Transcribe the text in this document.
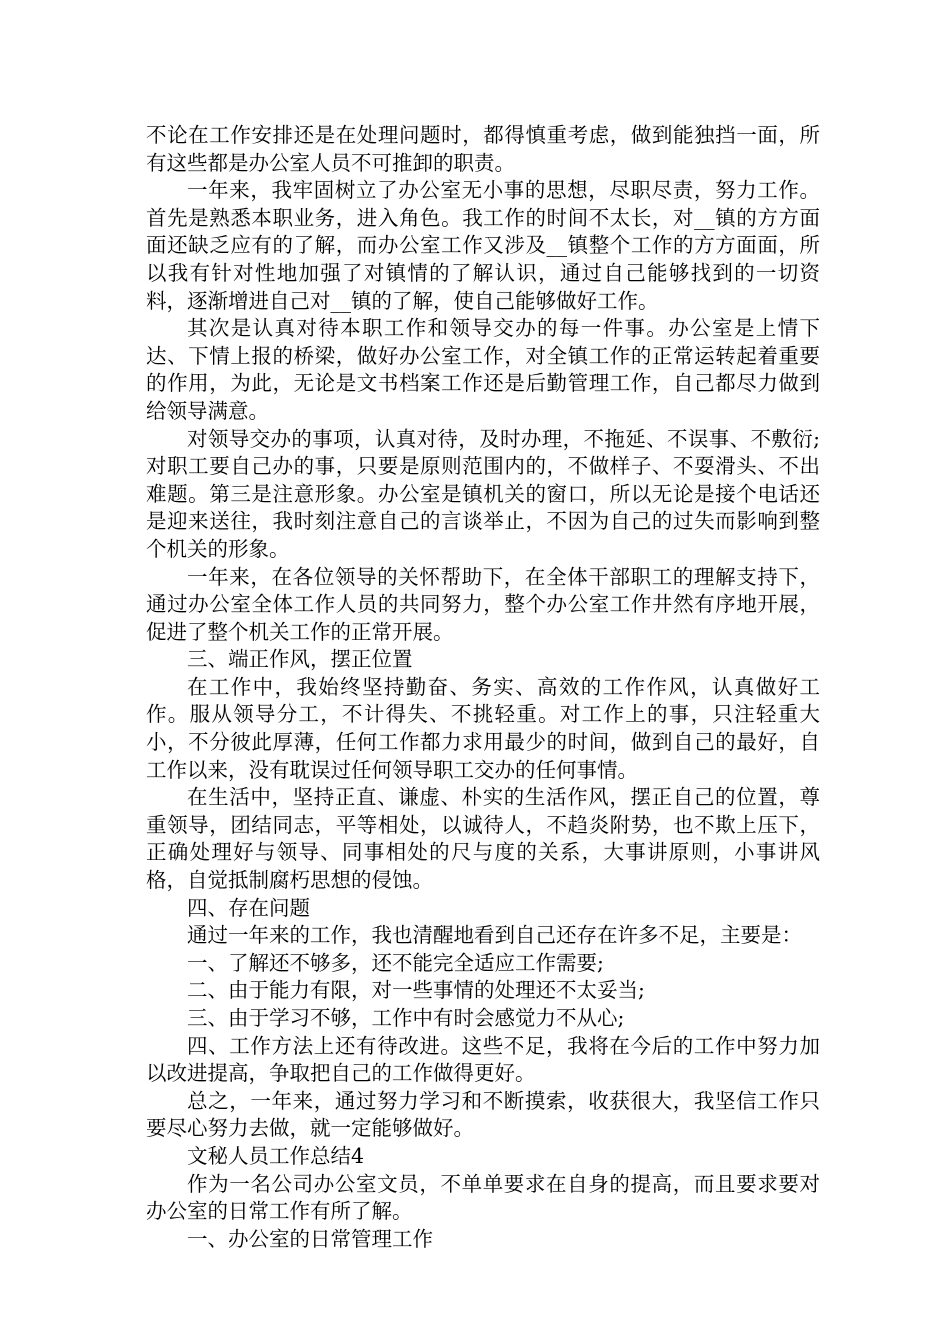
不论在工作安排还是在处理问题时，都得慎重考虑，做到能独挡一面，所有这些都是办公室人员不可推卸的职责。

一年来，我牢固树立了办公室无小事的思想，尽职尽责，努力工作。首先是熟悉本职业务，进入角色。我工作的时间不太长，对__镇的方方面面还缺乏应有的了解，而办公室工作又涉及__镇整个工作的方方面面，所以我有针对性地加强了对镇情的了解认识，通过自己能够找到的一切资料，逐渐增进自己对__镇的了解，使自己能够做好工作。

其次是认真对待本职工作和领导交办的每一件事。办公室是上情下达、下情上报的桥梁，做好办公室工作，对全镇工作的正常运转起着重要的作用，为此，无论是文书档案工作还是后勤管理工作，自己都尽力做到给领导满意。

对领导交办的事项，认真对待，及时办理，不拖延、不误事、不敷衍;对职工要自己办的事，只要是原则范围内的，不做样子、不耍滑头、不出难题。第三是注意形象。办公室是镇机关的窗口，所以无论是接个电话还是迎来送往，我时刻注意自己的言谈举止，不因为自己的过失而影响到整个机关的形象。

一年来，在各位领导的关怀帮助下，在全体干部职工的理解支持下，通过办公室全体工作人员的共同努力，整个办公室工作井然有序地开展，促进了整个机关工作的正常开展。

三、端正作风，摆正位置

在工作中，我始终坚持勤奋、务实、高效的工作作风，认真做好工作。服从领导分工，不计得失、不挑轻重。对工作上的事，只注轻重大小，不分彼此厚薄，任何工作都力求用最少的时间，做到自己的最好，自工作以来，没有耽误过任何领导职工交办的任何事情。

在生活中，坚持正直、谦虚、朴实的生活作风，摆正自己的位置，尊重领导，团结同志，平等相处，以诚待人，不趋炎附势，也不欺上压下，正确处理好与领导、同事相处的尺与度的关系，大事讲原则，小事讲风格，自觉抵制腐朽思想的侵蚀。

四、存在问题

通过一年来的工作，我也清醒地看到自己还存在许多不足，主要是：

一、了解还不够多，还不能完全适应工作需要;

二、由于能力有限，对一些事情的处理还不太妥当;

三、由于学习不够，工作中有时会感觉力不从心;

四、工作方法上还有待改进。这些不足，我将在今后的工作中努力加以改进提高，争取把自己的工作做得更好。

总之，一年来，通过努力学习和不断摸索，收获很大，我坚信工作只要尽心努力去做，就一定能够做好。

文秘人员工作总结4

作为一名公司办公室文员，不单单要求在自身的提高，而且要求要对办公室的日常工作有所了解。

一、办公室的日常管理工作
